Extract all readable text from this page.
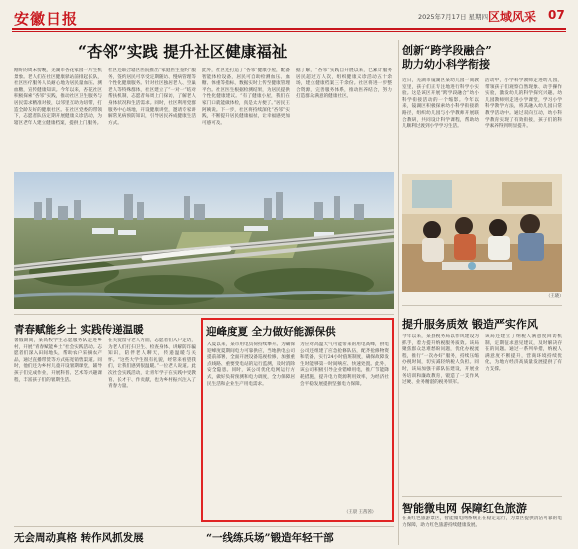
安徽日报	2025年7月17日 星期四 区域风采 07
“杏邻”实践 提升社区健康福祉
刚好的周末傍晚，芜湖市杏花家园一片生机景象。老人们在社区健康驿站前排起长队，社区医疗服务人员耐心地为居民量血压、测血糖，宣传健康知识。今年以来，杏花社区积极探索“杏邻”实践，推动社区卫生服务与居民需求精准对接，以邻里互助为纽带，打造全龄友好的健康社区。在社区党委的带领下，志愿者队伍定期开展健康义诊活动，为辖区老年人建立健康档案，提供上门服务。
社区还联合辖区医院推出“家庭医生签约”服务，签约居民可享受定期随访、慢病管理等个性化健康服务。针对社区独居老人、空巢老人等特殊群体，社区建立了“一对一”结对帮扶机制，志愿者每周上门探访，了解老人身体状况和生活需求。同时，社区利用党群服务中心场地，开设健康讲堂，邀请专家讲解常见病预防知识，引导居民养成健康生活方式。
此外，社区还打造了“杏邻”健康小屋，配备智能体检设备，居民可自助检测血压、血糖、体重等指标，数据实时上传至健康管理平台。社区医生根据检测结果，为居民提供个性化健康建议。“有了健康小屋，我们在家门口就能做体检，真是太方便了。”居民王阿姨说。下一步，社区将持续深化“杏邻”实践，不断提升居民健康福祉，让幸福感更加可感可及。
据了解，“杏邻”实践自开展以来，已累计服务居民超过万人次，组织健康义诊活动五十余场，建立健康档案三千余份。社区将进一步整合资源，完善服务体系，推动医养结合，努力打造群众满意的健康社区。
创新“跨学段融合”
助力幼小科学衔接
近日，芜湖市镜湖区某幼儿园一间教室里，孩子们正专注地进行科学小实验。这是该区开展“跨学段融合”幼小科学衔接活动的一个缩影。今年以来，镜湖区积极探索幼小科学衔接新路径，组织幼儿园与小学教师开展联合教研，共同设计科学课程，帮助幼儿顺利过渡到小学学习生活。
活动中，小学科学教师走进幼儿园，带领孩子们观察自然现象、动手操作实验，激发幼儿的科学探究兴趣。幼儿园教师则走进小学课堂，学习小学科学教学方法，将其融入幼儿园日常教学活动中。通过双向互动，幼小科学教育实现了有效衔接，孩子们的科学素养得到明显提升。
（王晓）
提升服务质效 锻造严实作风
今年以来，某县税务局以作风建设为抓手，着力提升纳税服务质效。该局聚焦群众急难愁盼问题，优化办税流程，推行“一次办好”服务，持续压缩办税时间，切实减轻纳税人负担。同时，该局加强干部队伍建设，开展业务培训和廉政教育，锻造了一支作风过硬、业务精湛的税务铁军。
该局还建立了纳税人满意度回访机制，定期征求意见建议，及时解决存在的问题。通过一系列举措，纳税人满意度不断提升，营商环境持续优化，为地方经济高质量发展提供了有力支撑。
智能微电网 保障红色旅游
在某红色旅游景区，智能微电网系统正在稳定运行，为景区提供清洁可靠的电力保障，助力红色旅游持续健康发展。
青春赋能乡土 实践传递温暖
暑假期间，某高校学生志愿服务队走进乡村，开展“青春赋能乡土”社会实践活动。志愿者们深入田间地头，帮助农户采摘农产品，通过直播带货等方式拓宽销售渠道。同时，他们还为乡村儿童开设暑期课堂，辅导孩子们完成作业，开展科普、艺术等兴趣课程，丰富孩子们的暑期生活。
在关爱留守老人方面，志愿者们入户走访，为老人们打扫卫生、检查身体、讲解防诈骗知识，陪伴老人聊天，传递温暖与关怀。“这些大学生很有礼貌，经常来看望我们，让我们感到很温暖。”一位老人说道。此次社会实践活动，让青年学子在实践中受教育、长才干、作贡献，也为乡村振兴注入了青春力量。
迎峰度夏 全力做好能源保供
入夏以来，某市用电负荷持续攀升。为确保迎峰度夏期间电力可靠供应，当地供电公司提前部署，全面开展设备巡视检修，加强重点线路、重要变电站的运行监测，及时消除安全隐患。同时，该公司优化电网运行方式，做好负荷预测和电力调度，全力保障居民生活和企业生产用电需求。
为应对高温天气可能带来的用电高峰，供电公司还组建了应急抢修队伍，配齐抢修物资和装备，实行24小时值班制度，确保故障发生时能够第一时间响应、快速处置。此外，该公司积极引导企业错峰用电，推广节能降耗措施，提升电力资源利用效率，为经济社会平稳发展提供坚强电力保障。
（王晨 王茜茜）
无会周动真格 转作风抓发展	“一线练兵场”锻造年轻干部
